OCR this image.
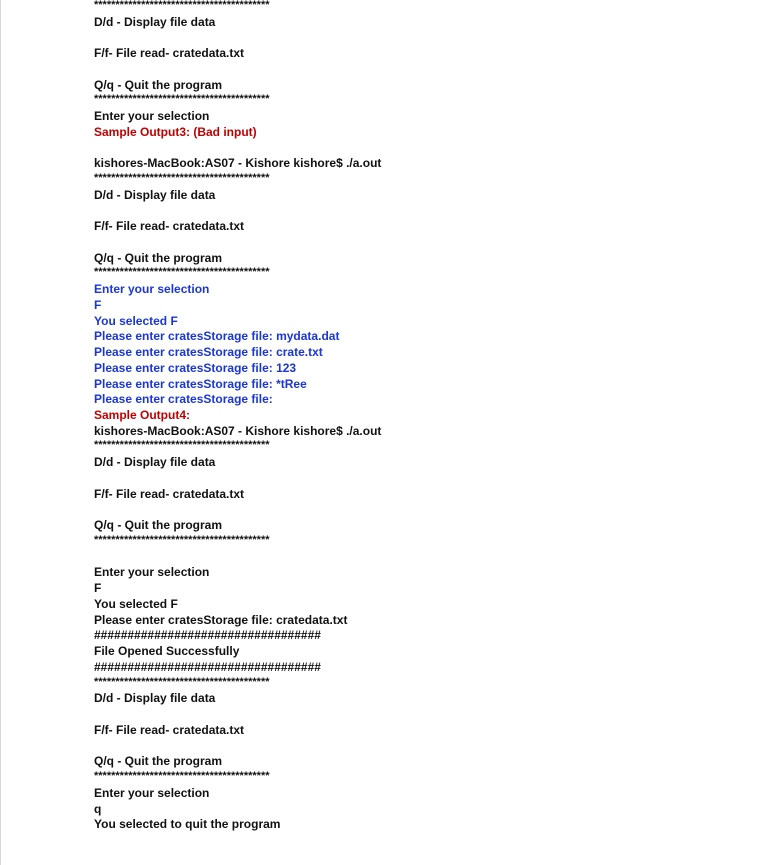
*****************************************
D/d - Display file data
F/f- File read- cratedata.txt
Q/q - Quit the program
*****************************************
Enter your selection
Sample Output3: (Bad input)
kishores-MacBook:AS07 - Kishore kishore$ ./a.out
*****************************************
D/d - Display file data
F/f- File read- cratedata.txt
Q/q - Quit the program
*****************************************
Enter your selection
F
You selected F
Please enter cratesStorage file: mydata.dat
Please enter cratesStorage file: crate.txt
Please enter cratesStorage file: 123
Please enter cratesStorage file: *tRee
Please enter cratesStorage file:
Sample Output4:
kishores-MacBook:AS07 - Kishore kishore$ ./a.out
*****************************************
D/d - Display file data
F/f- File read- cratedata.txt
Q/q - Quit the program
*****************************************
Enter your selection
F
You selected F
Please enter cratesStorage file: cratedata.txt
##################################
File Opened Successfully
##################################
*****************************************
D/d - Display file data
F/f- File read- cratedata.txt
Q/q - Quit the program
*****************************************
Enter your selection
q
You selected to quit the program
